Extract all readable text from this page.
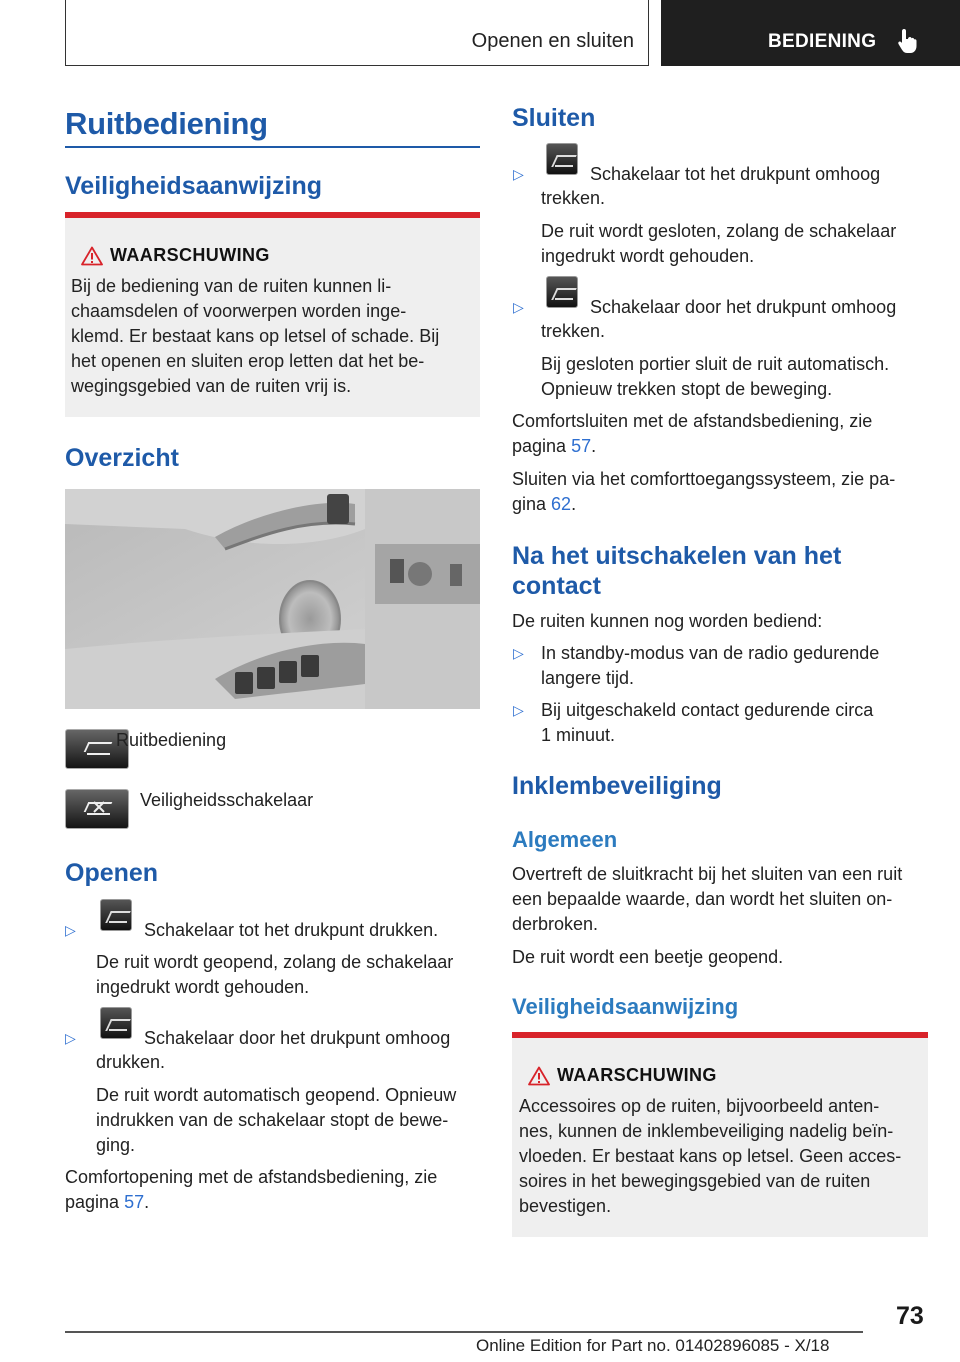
Openen en sluiten	BEDIENING
Ruitbediening
Veiligheidsaanwijzing
WAARSCHUWING
Bij de bediening van de ruiten kunnen li-
chaamsdelen of voorwerpen worden inge-
klemd. Er bestaat kans op letsel of schade. Bij
het openen en sluiten erop letten dat het be-
wegingsgebied van de ruiten vrij is.
Overzicht
Ruitbediening
Veiligheidsschakelaar
Openen
▷	Schakelaar tot het drukpunt drukken.
De ruit wordt geopend, zolang de schakelaar
ingedrukt wordt gehouden.
▷	Schakelaar door het drukpunt omhoog
drukken.
De ruit wordt automatisch geopend. Opnieuw
indrukken van de schakelaar stopt de bewe-
ging.
Comfortopening met de afstandsbediening, zie
pagina 57.
Sluiten
▷	Schakelaar tot het drukpunt omhoog
trekken.
De ruit wordt gesloten, zolang de schakelaar
ingedrukt wordt gehouden.
▷	Schakelaar door het drukpunt omhoog
trekken.
Bij gesloten portier sluit de ruit automatisch.
Opnieuw trekken stopt de beweging.
Comfortsluiten met de afstandsbediening, zie
pagina 57.
Sluiten via het comforttoegangssysteem, zie pa-
gina 62.
Na het uitschakelen van het
contact
De ruiten kunnen nog worden bediend:
▷ In standby-modus van de radio gedurende
langere tijd.
▷ Bij uitgeschakeld contact gedurende circa
1 minuut.
Inklembeveiliging
Algemeen
Overtreft de sluitkracht bij het sluiten van een ruit
een bepaalde waarde, dan wordt het sluiten on-
derbroken.
De ruit wordt een beetje geopend.
Veiligheidsaanwijzing
WAARSCHUWING
Accessoires op de ruiten, bijvoorbeeld anten-
nes, kunnen de inklembeveiliging nadelig beïn-
vloeden. Er bestaat kans op letsel. Geen acces-
soires in het bewegingsgebied van de ruiten
bevestigen.
73
Online Edition for Part no. 01402896085 - X/18
